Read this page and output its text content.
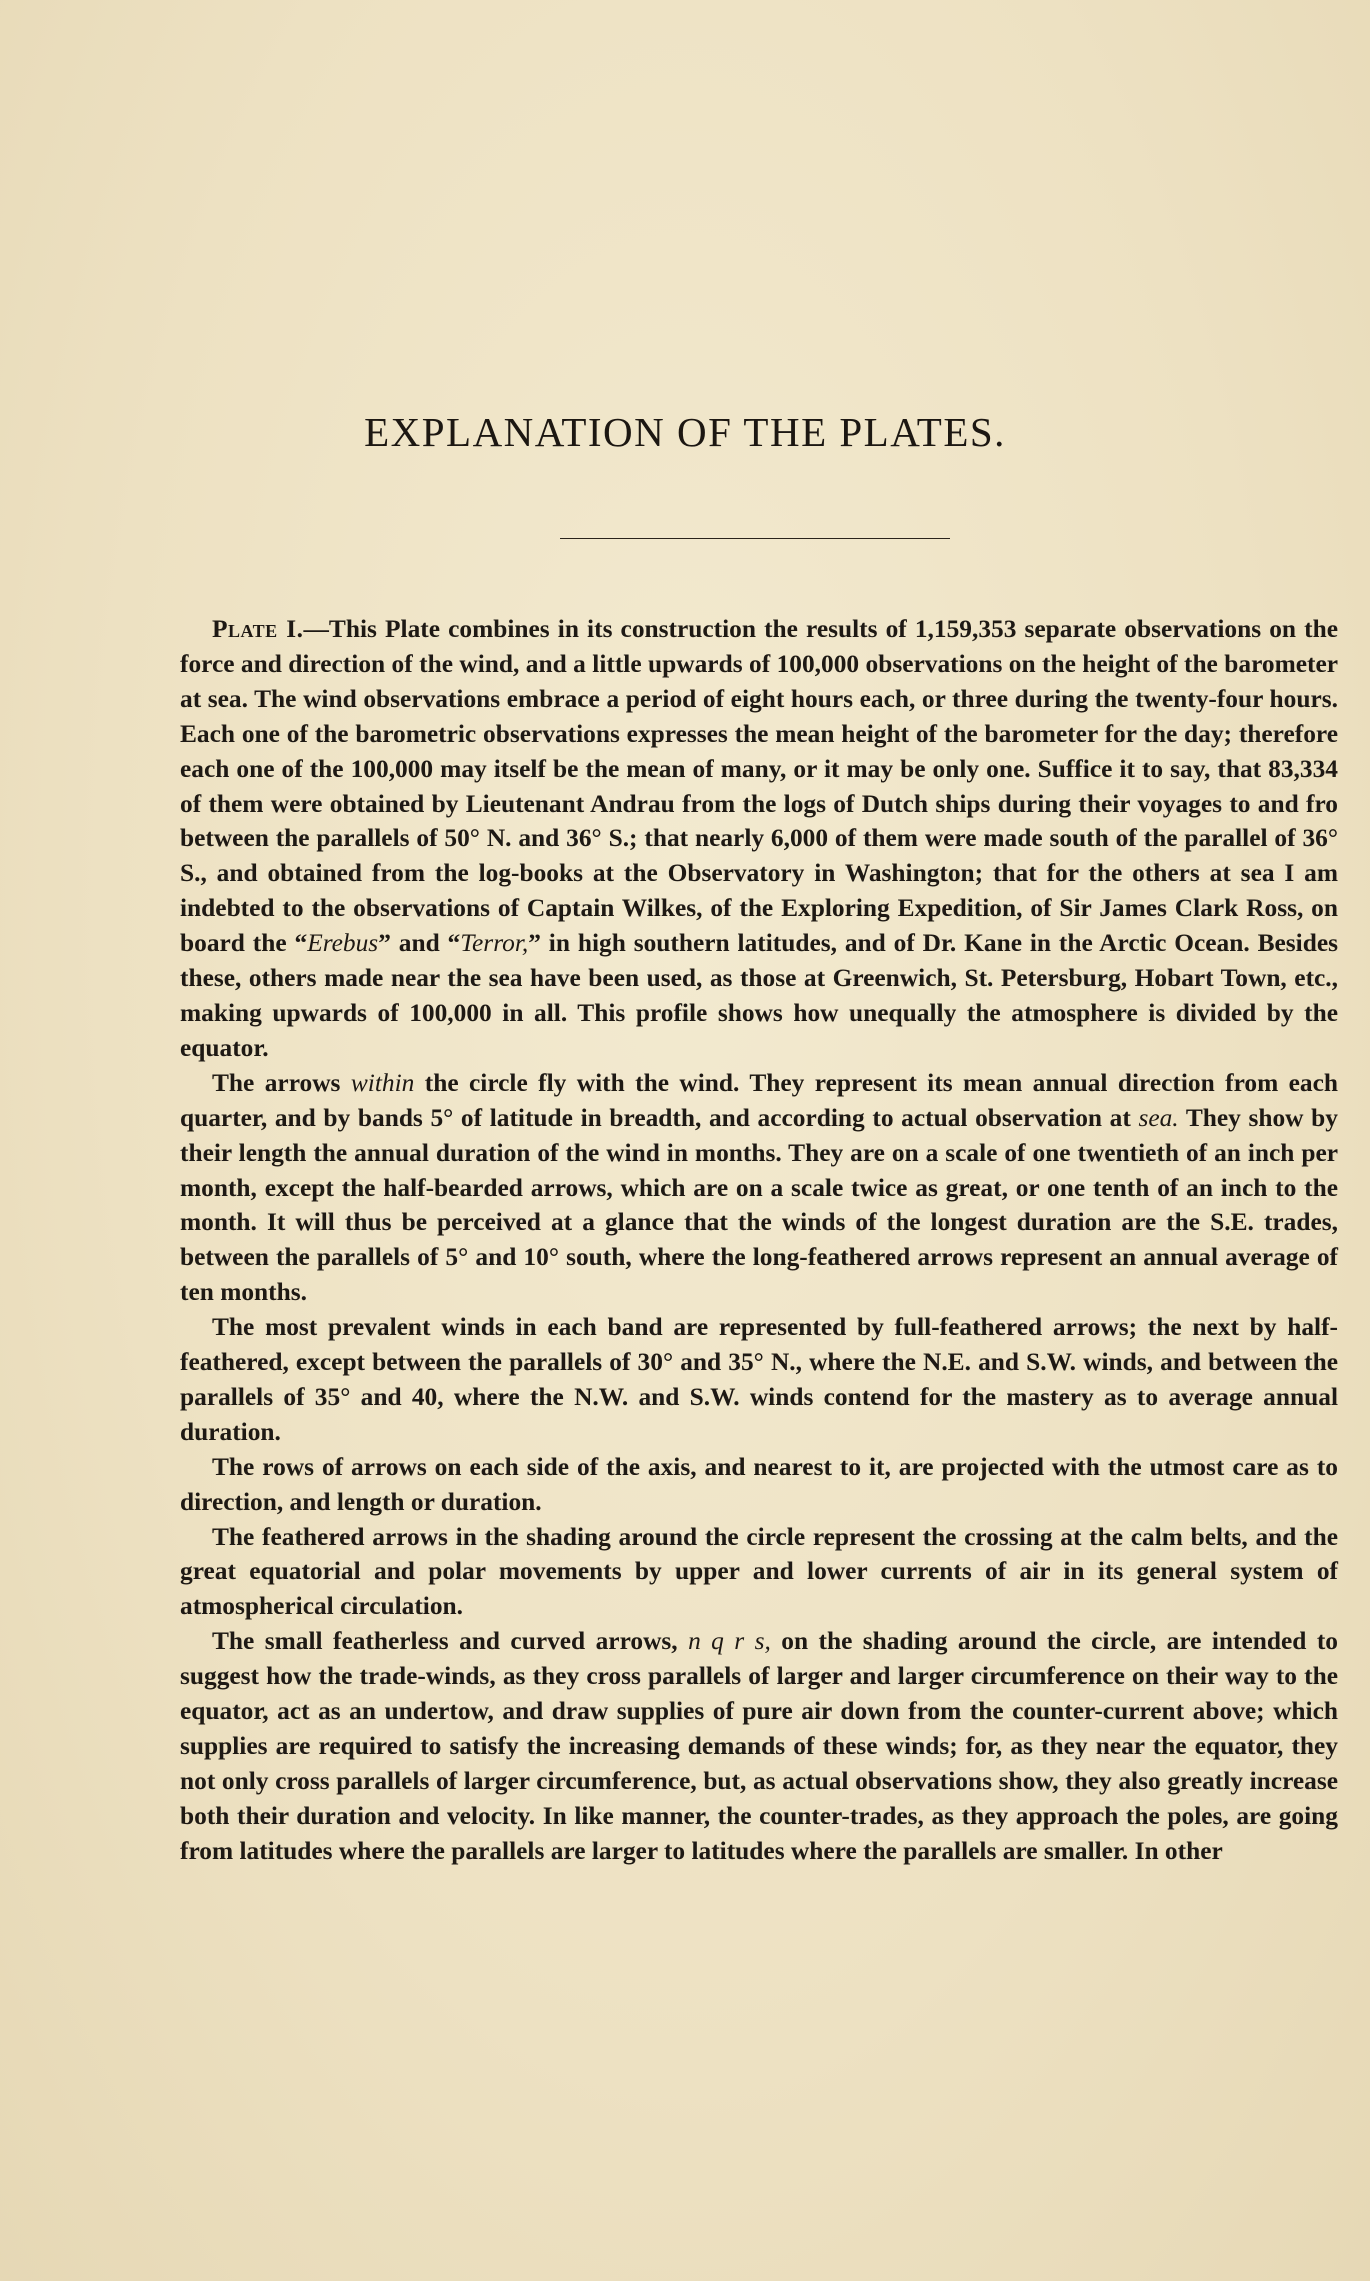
EXPLANATION OF THE PLATES.

Plate I.—This Plate combines in its construction the results of 1,159,353 separate observations on the force and direction of the wind, and a little upwards of 100,000 observations on the height of the barometer at sea. The wind observations embrace a period of eight hours each, or three during the twenty-four hours. Each one of the barometric observations expresses the mean height of the barometer for the day; therefore each one of the 100,000 may itself be the mean of many, or it may be only one. Suffice it to say, that 83,334 of them were obtained by Lieutenant Andrau from the logs of Dutch ships during their voyages to and fro between the parallels of 50° N. and 36° S.; that nearly 6,000 of them were made south of the parallel of 36° S., and obtained from the log-books at the Observatory in Washington; that for the others at sea I am indebted to the observations of Captain Wilkes, of the Exploring Expedition, of Sir James Clark Ross, on board the “Erebus” and “Terror,” in high southern latitudes, and of Dr. Kane in the Arctic Ocean. Besides these, others made near the sea have been used, as those at Greenwich, St. Petersburg, Hobart Town, etc., making upwards of 100,000 in all. This profile shows how unequally the atmosphere is divided by the equator.

The arrows within the circle fly with the wind. They represent its mean annual direction from each quarter, and by bands 5° of latitude in breadth, and according to actual observation at sea. They show by their length the annual duration of the wind in months. They are on a scale of one twentieth of an inch per month, except the half-bearded arrows, which are on a scale twice as great, or one tenth of an inch to the month. It will thus be perceived at a glance that the winds of the longest duration are the S.E. trades, between the parallels of 5° and 10° south, where the long-feathered arrows represent an annual average of ten months.

The most prevalent winds in each band are represented by full-feathered arrows; the next by half-feathered, except between the parallels of 30° and 35° N., where the N.E. and S.W. winds, and between the parallels of 35° and 40, where the N.W. and S.W. winds contend for the mastery as to average annual duration.

The rows of arrows on each side of the axis, and nearest to it, are projected with the utmost care as to direction, and length or duration.

The feathered arrows in the shading around the circle represent the crossing at the calm belts, and the great equatorial and polar movements by upper and lower currents of air in its general system of atmospherical circulation.

The small featherless and curved arrows, n q r s, on the shading around the circle, are intended to suggest how the trade-winds, as they cross parallels of larger and larger circumference on their way to the equator, act as an undertow, and draw supplies of pure air down from the counter-current above; which supplies are required to satisfy the increasing demands of these winds; for, as they near the equator, they not only cross parallels of larger circumference, but, as actual observations show, they also greatly increase both their duration and velocity. In like manner, the counter-trades, as they approach the poles, are going from latitudes where the parallels are larger to latitudes where the parallels are smaller. In other
